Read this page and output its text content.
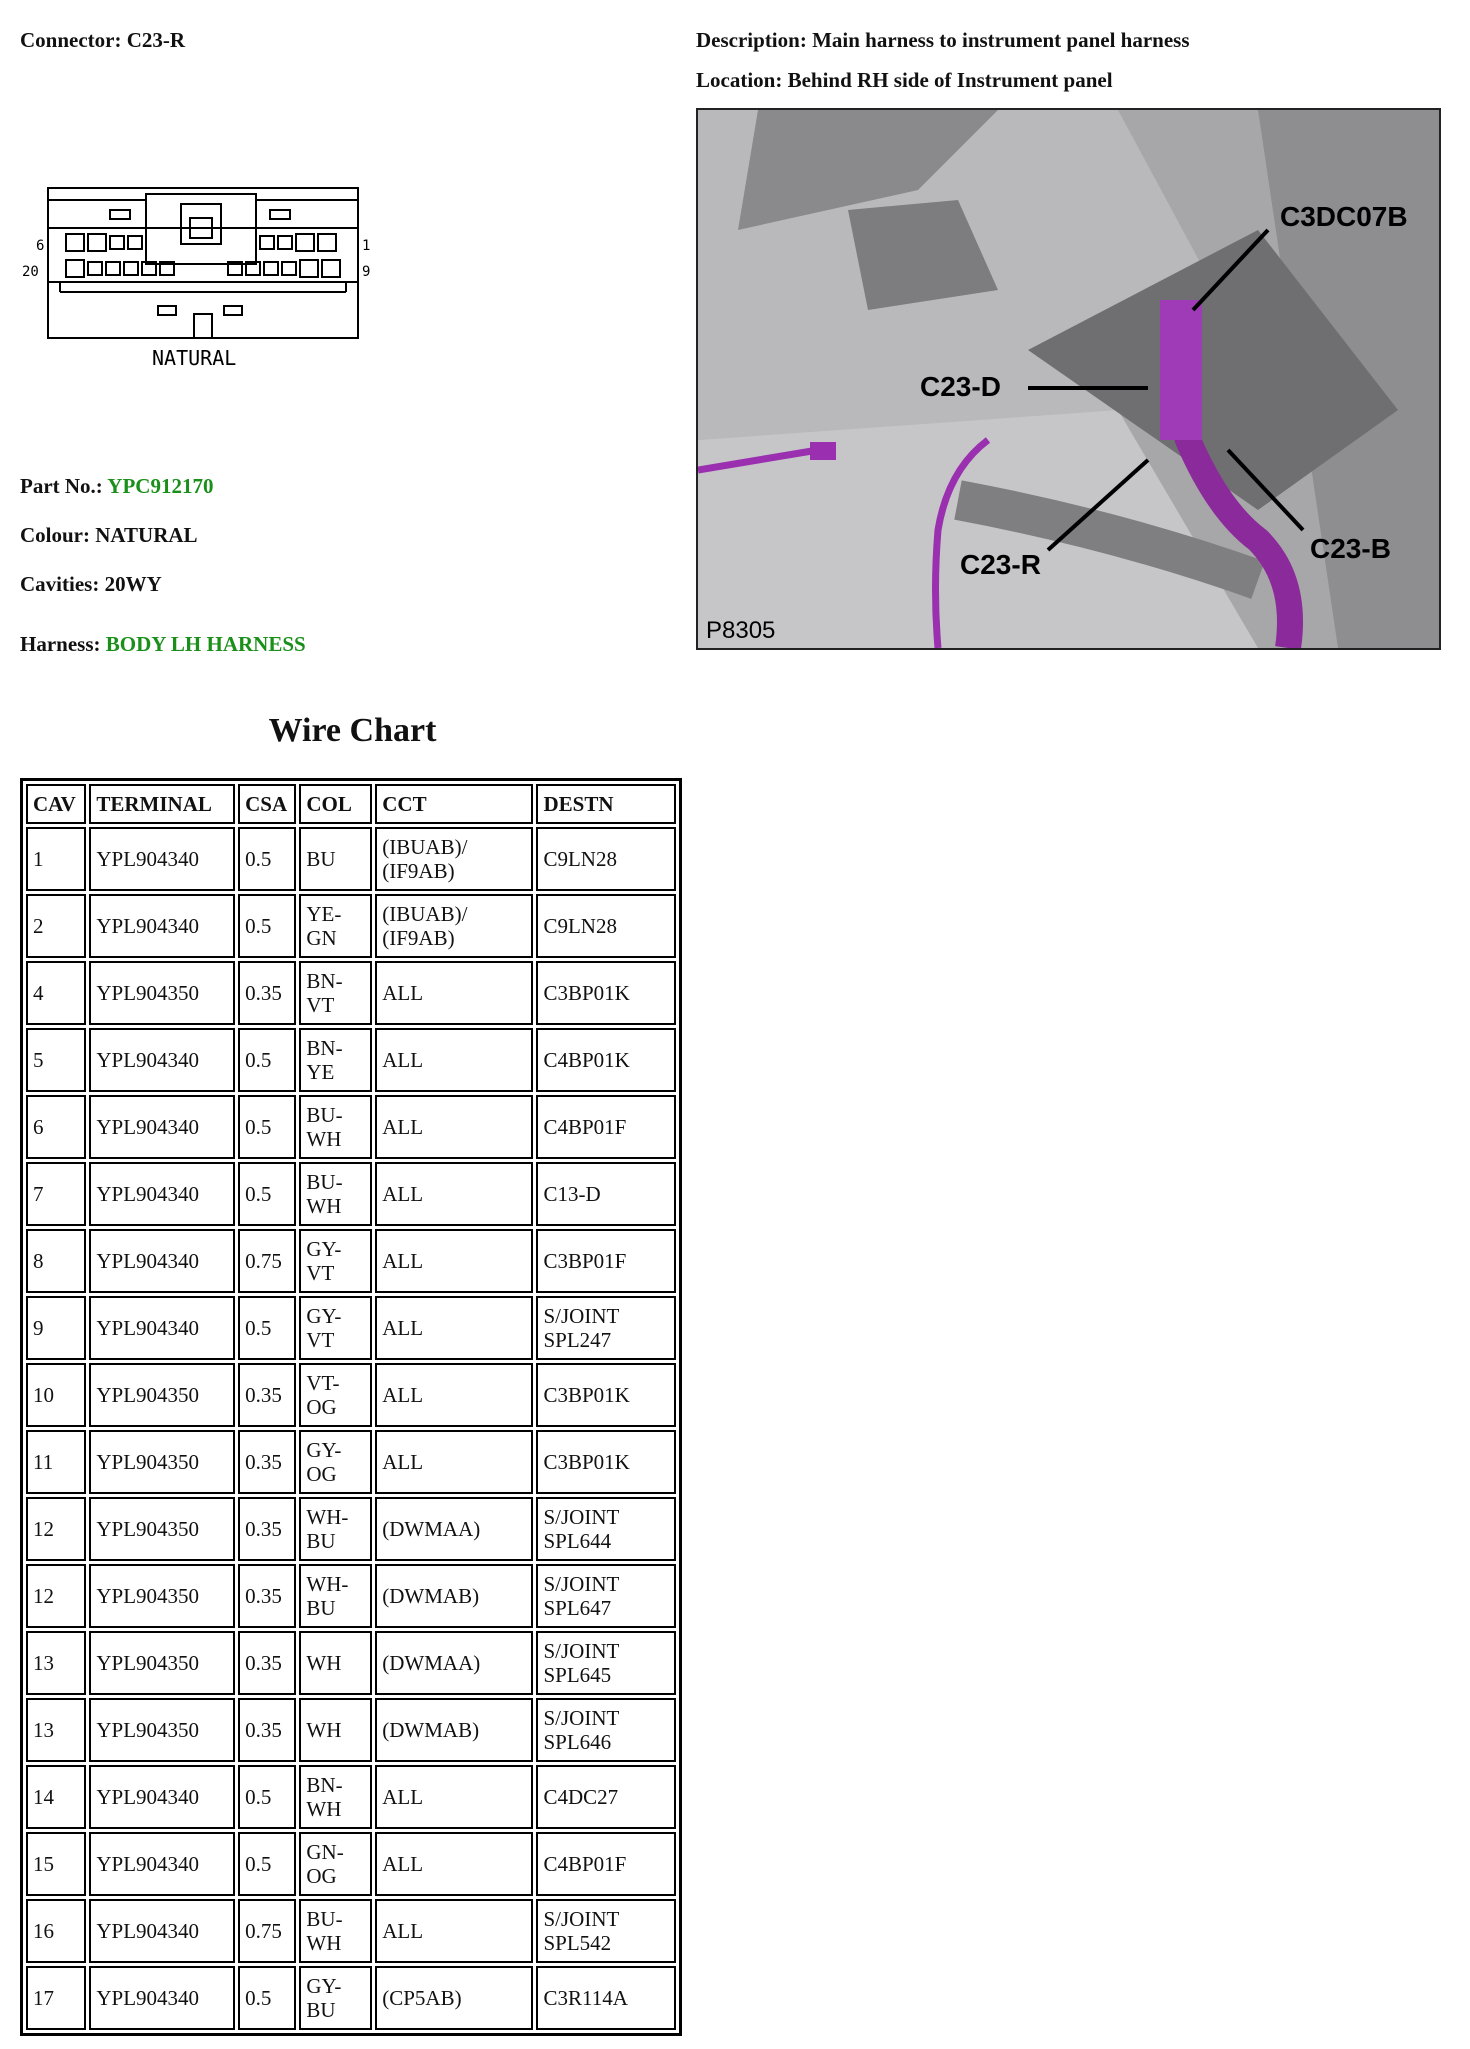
Connector: C23-R	Description: Main harness to instrument panel harness
Location: Behind RH side of Instrument panel
6
20
1
9
NATURAL
C3DC07B
C23-D
C23-B
C23-R
P8305
Part No.: YPC912170
Colour: NATURAL
Cavities: 20WY
Harness: BODY LH HARNESS
Wire Chart
CAV	TERMINAL	CSA	COL	CCT	DESTN
1	YPL904340	0.5	BU	(IBUAB)/ (IF9AB)	C9LN28
2	YPL904340	0.5	YE-GN	(IBUAB)/ (IF9AB)	C9LN28
4	YPL904350	0.35	BN-VT	ALL	C3BP01K
5	YPL904340	0.5	BN-YE	ALL	C4BP01K
6	YPL904340	0.5	BU-WH	ALL	C4BP01F
7	YPL904340	0.5	BU-WH	ALL	C13-D
8	YPL904340	0.75	GY-VT	ALL	C3BP01F
9	YPL904340	0.5	GY-VT	ALL	S/JOINT SPL247
10	YPL904350	0.35	VT-OG	ALL	C3BP01K
11	YPL904350	0.35	GY-OG	ALL	C3BP01K
12	YPL904350	0.35	WH-BU	(DWMAA)	S/JOINT SPL644
12	YPL904350	0.35	WH-BU	(DWMAB)	S/JOINT SPL647
13	YPL904350	0.35	WH	(DWMAA)	S/JOINT SPL645
13	YPL904350	0.35	WH	(DWMAB)	S/JOINT SPL646
14	YPL904340	0.5	BN-WH	ALL	C4DC27
15	YPL904340	0.5	GN-OG	ALL	C4BP01F
16	YPL904340	0.75	BU-WH	ALL	S/JOINT SPL542
17	YPL904340	0.5	GY-BU	(CP5AB)	C3R114A
